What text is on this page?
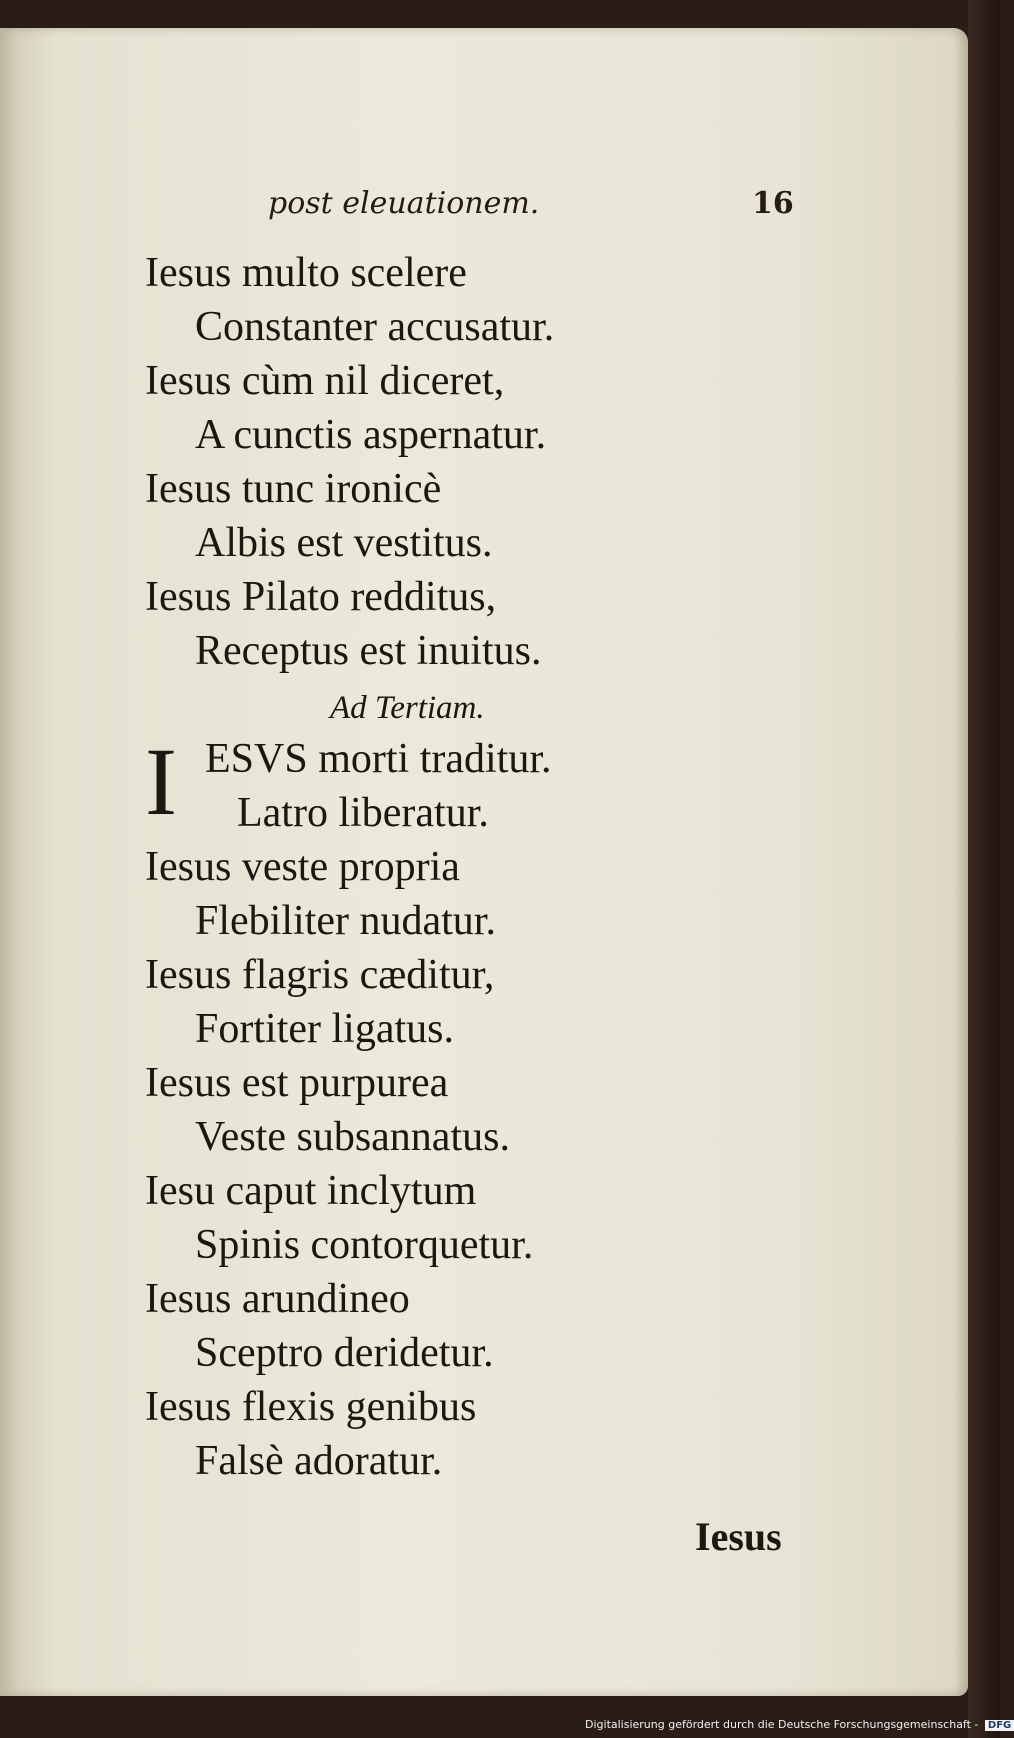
post eleuationem.	16
Iesus multo scelere
Constanter accusatur.
Iesus cùm nil diceret,
A cunctis aspernatur.
Iesus tunc ironicè
Albis est vestitus.
Iesus Pilato redditus,
Receptus est inuitus.
Ad Tertiam.
I ESVS morti traditur.
Latro liberatur.
Iesus veste propria
Flebiliter nudatur.
Iesus flagris cæditur,
Fortiter ligatus.
Iesus est purpurea
Veste subsannatus.
Iesu caput inclytum
Spinis contorquetur.
Iesus arundineo
Sceptro deridetur.
Iesus flexis genibus
Falsè adoratur.
Iesus
Digitalisierung gefördert durch die Deutsche Forschungsgemeinschaft - DFG
